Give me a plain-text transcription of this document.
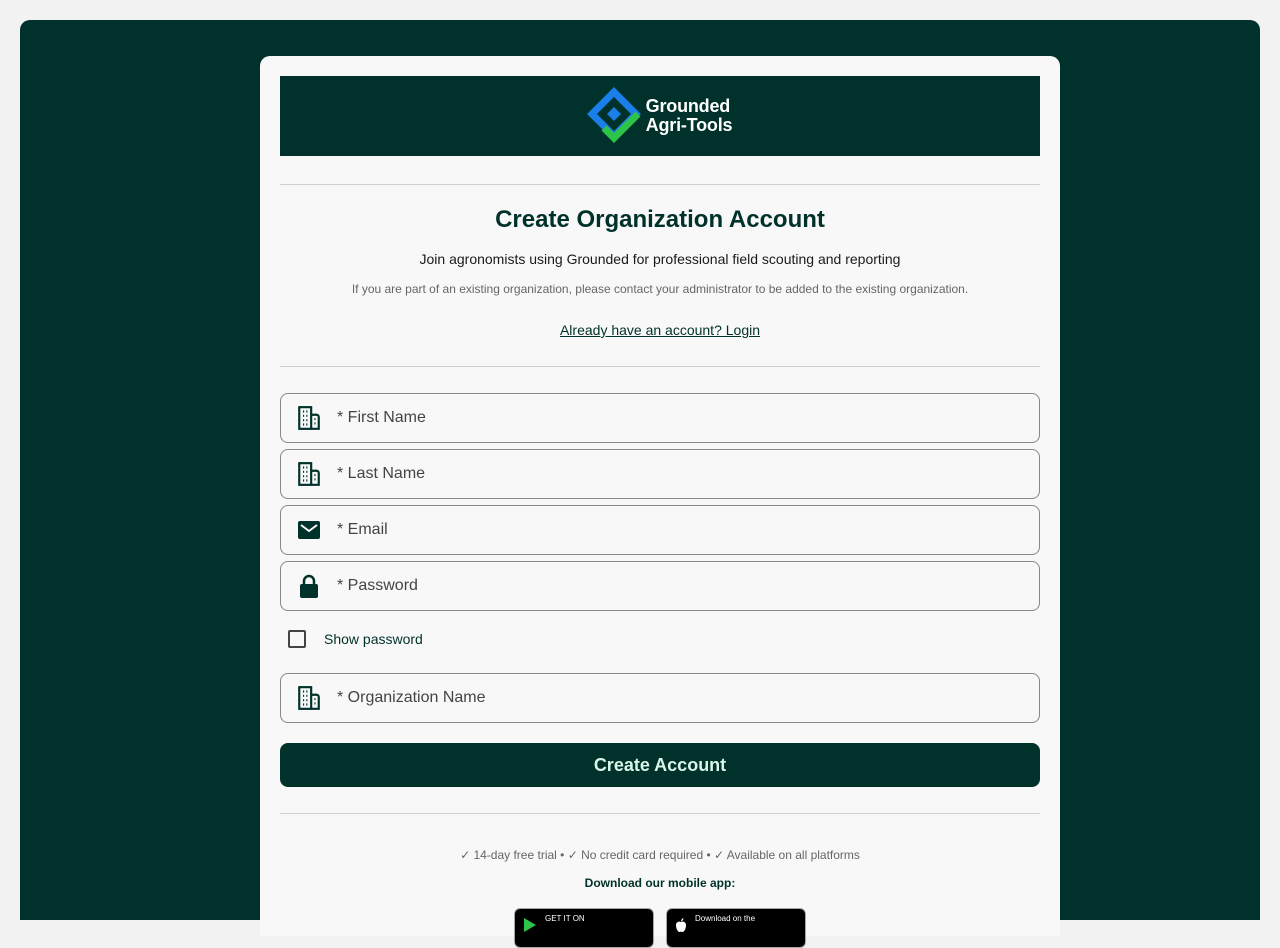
Grounded
Agri-Tools
Create Organization Account

Join agronomists using Grounded for professional field scouting and reporting

If you are part of an existing organization, please contact your administrator to be added to the existing organization.

Already have an account? Login
* First Name
* Last Name
* Email
Show password
* Organization Name
Create Account

✓ 14-day free trial • ✓ No credit card required • ✓ Available on all platforms

Download our mobile app:

GET IT ON	Download on the
